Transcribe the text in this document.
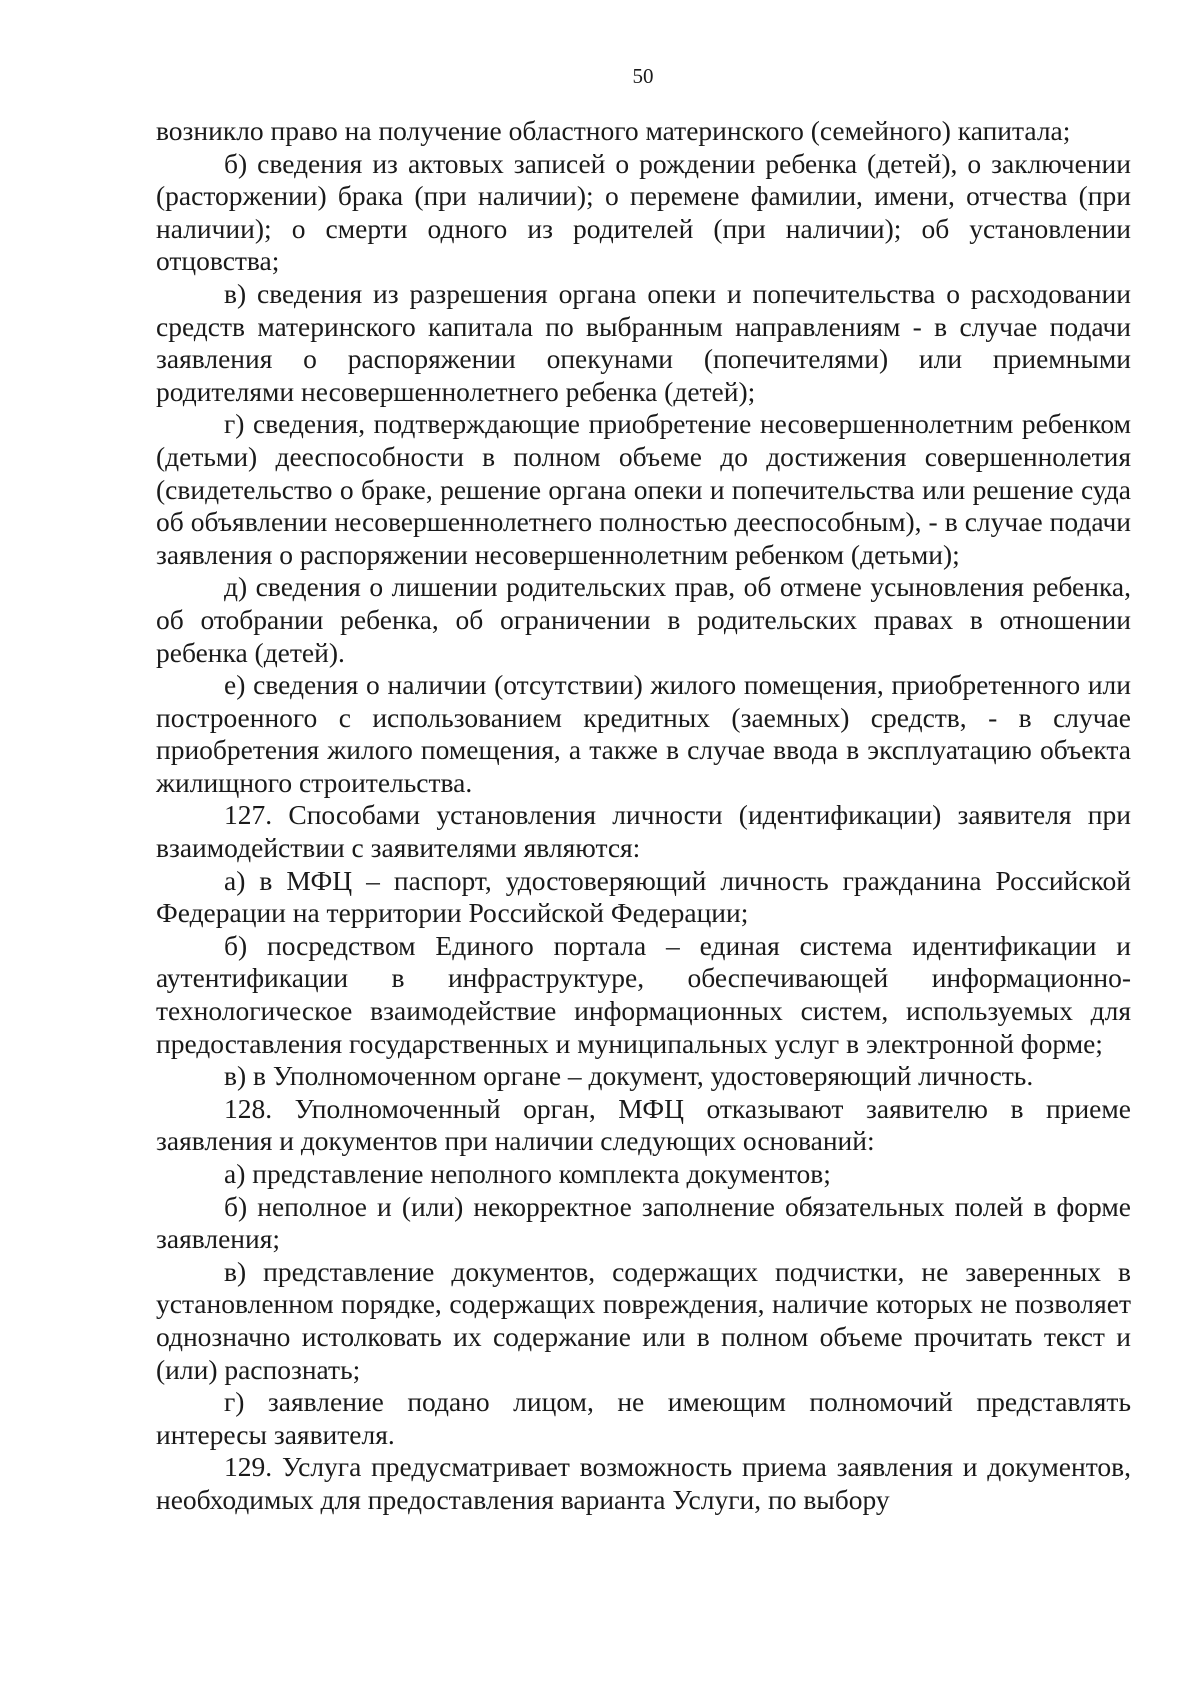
50

возникло право на получение областного материнского (семейного) капитала;

б) сведения из актовых записей о рождении ребенка (детей), о заключении (расторжении) брака (при наличии); о перемене фамилии, имени, отчества (при наличии); о смерти одного из родителей (при наличии); об установлении отцовства;

в) сведения из разрешения органа опеки и попечительства о расходовании средств материнского капитала по выбранным направлениям - в случае подачи заявления о распоряжении опекунами (попечителями) или приемными родителями несовершеннолетнего ребенка (детей);

г) сведения, подтверждающие приобретение несовершеннолетним ребенком (детьми) дееспособности в полном объеме до достижения совершеннолетия (свидетельство о браке, решение органа опеки и попечительства или решение суда об объявлении несовершеннолетнего полностью дееспособным), - в случае подачи заявления о распоряжении несовершеннолетним ребенком (детьми);

д) сведения о лишении родительских прав, об отмене усыновления ребенка, об отобрании ребенка, об ограничении в родительских правах в отношении ребенка (детей).

е) сведения о наличии (отсутствии) жилого помещения, приобретенного или построенного с использованием кредитных (заемных) средств, - в случае приобретения жилого помещения, а также в случае ввода в эксплуатацию объекта жилищного строительства.

127. Способами установления личности (идентификации) заявителя при взаимодействии с заявителями являются:

а) в МФЦ – паспорт, удостоверяющий личность гражданина Российской Федерации на территории Российской Федерации;

б) посредством Единого портала – единая система идентификации и аутентификации в инфраструктуре, обеспечивающей информационно-технологическое взаимодействие информационных систем, используемых для предоставления государственных и муниципальных услуг в электронной форме;

в) в Уполномоченном органе – документ, удостоверяющий личность.

128. Уполномоченный орган, МФЦ отказывают заявителю в приеме заявления и документов при наличии следующих оснований:

а) представление неполного комплекта документов;

б) неполное и (или) некорректное заполнение обязательных полей в форме заявления;

в) представление документов, содержащих подчистки, не заверенных в установленном порядке, содержащих повреждения, наличие которых не позволяет однозначно истолковать их содержание или в полном объеме прочитать текст и (или) распознать;

г) заявление подано лицом, не имеющим полномочий представлять интересы заявителя.

129. Услуга предусматривает возможность приема заявления и документов, необходимых для предоставления варианта Услуги, по выбору
